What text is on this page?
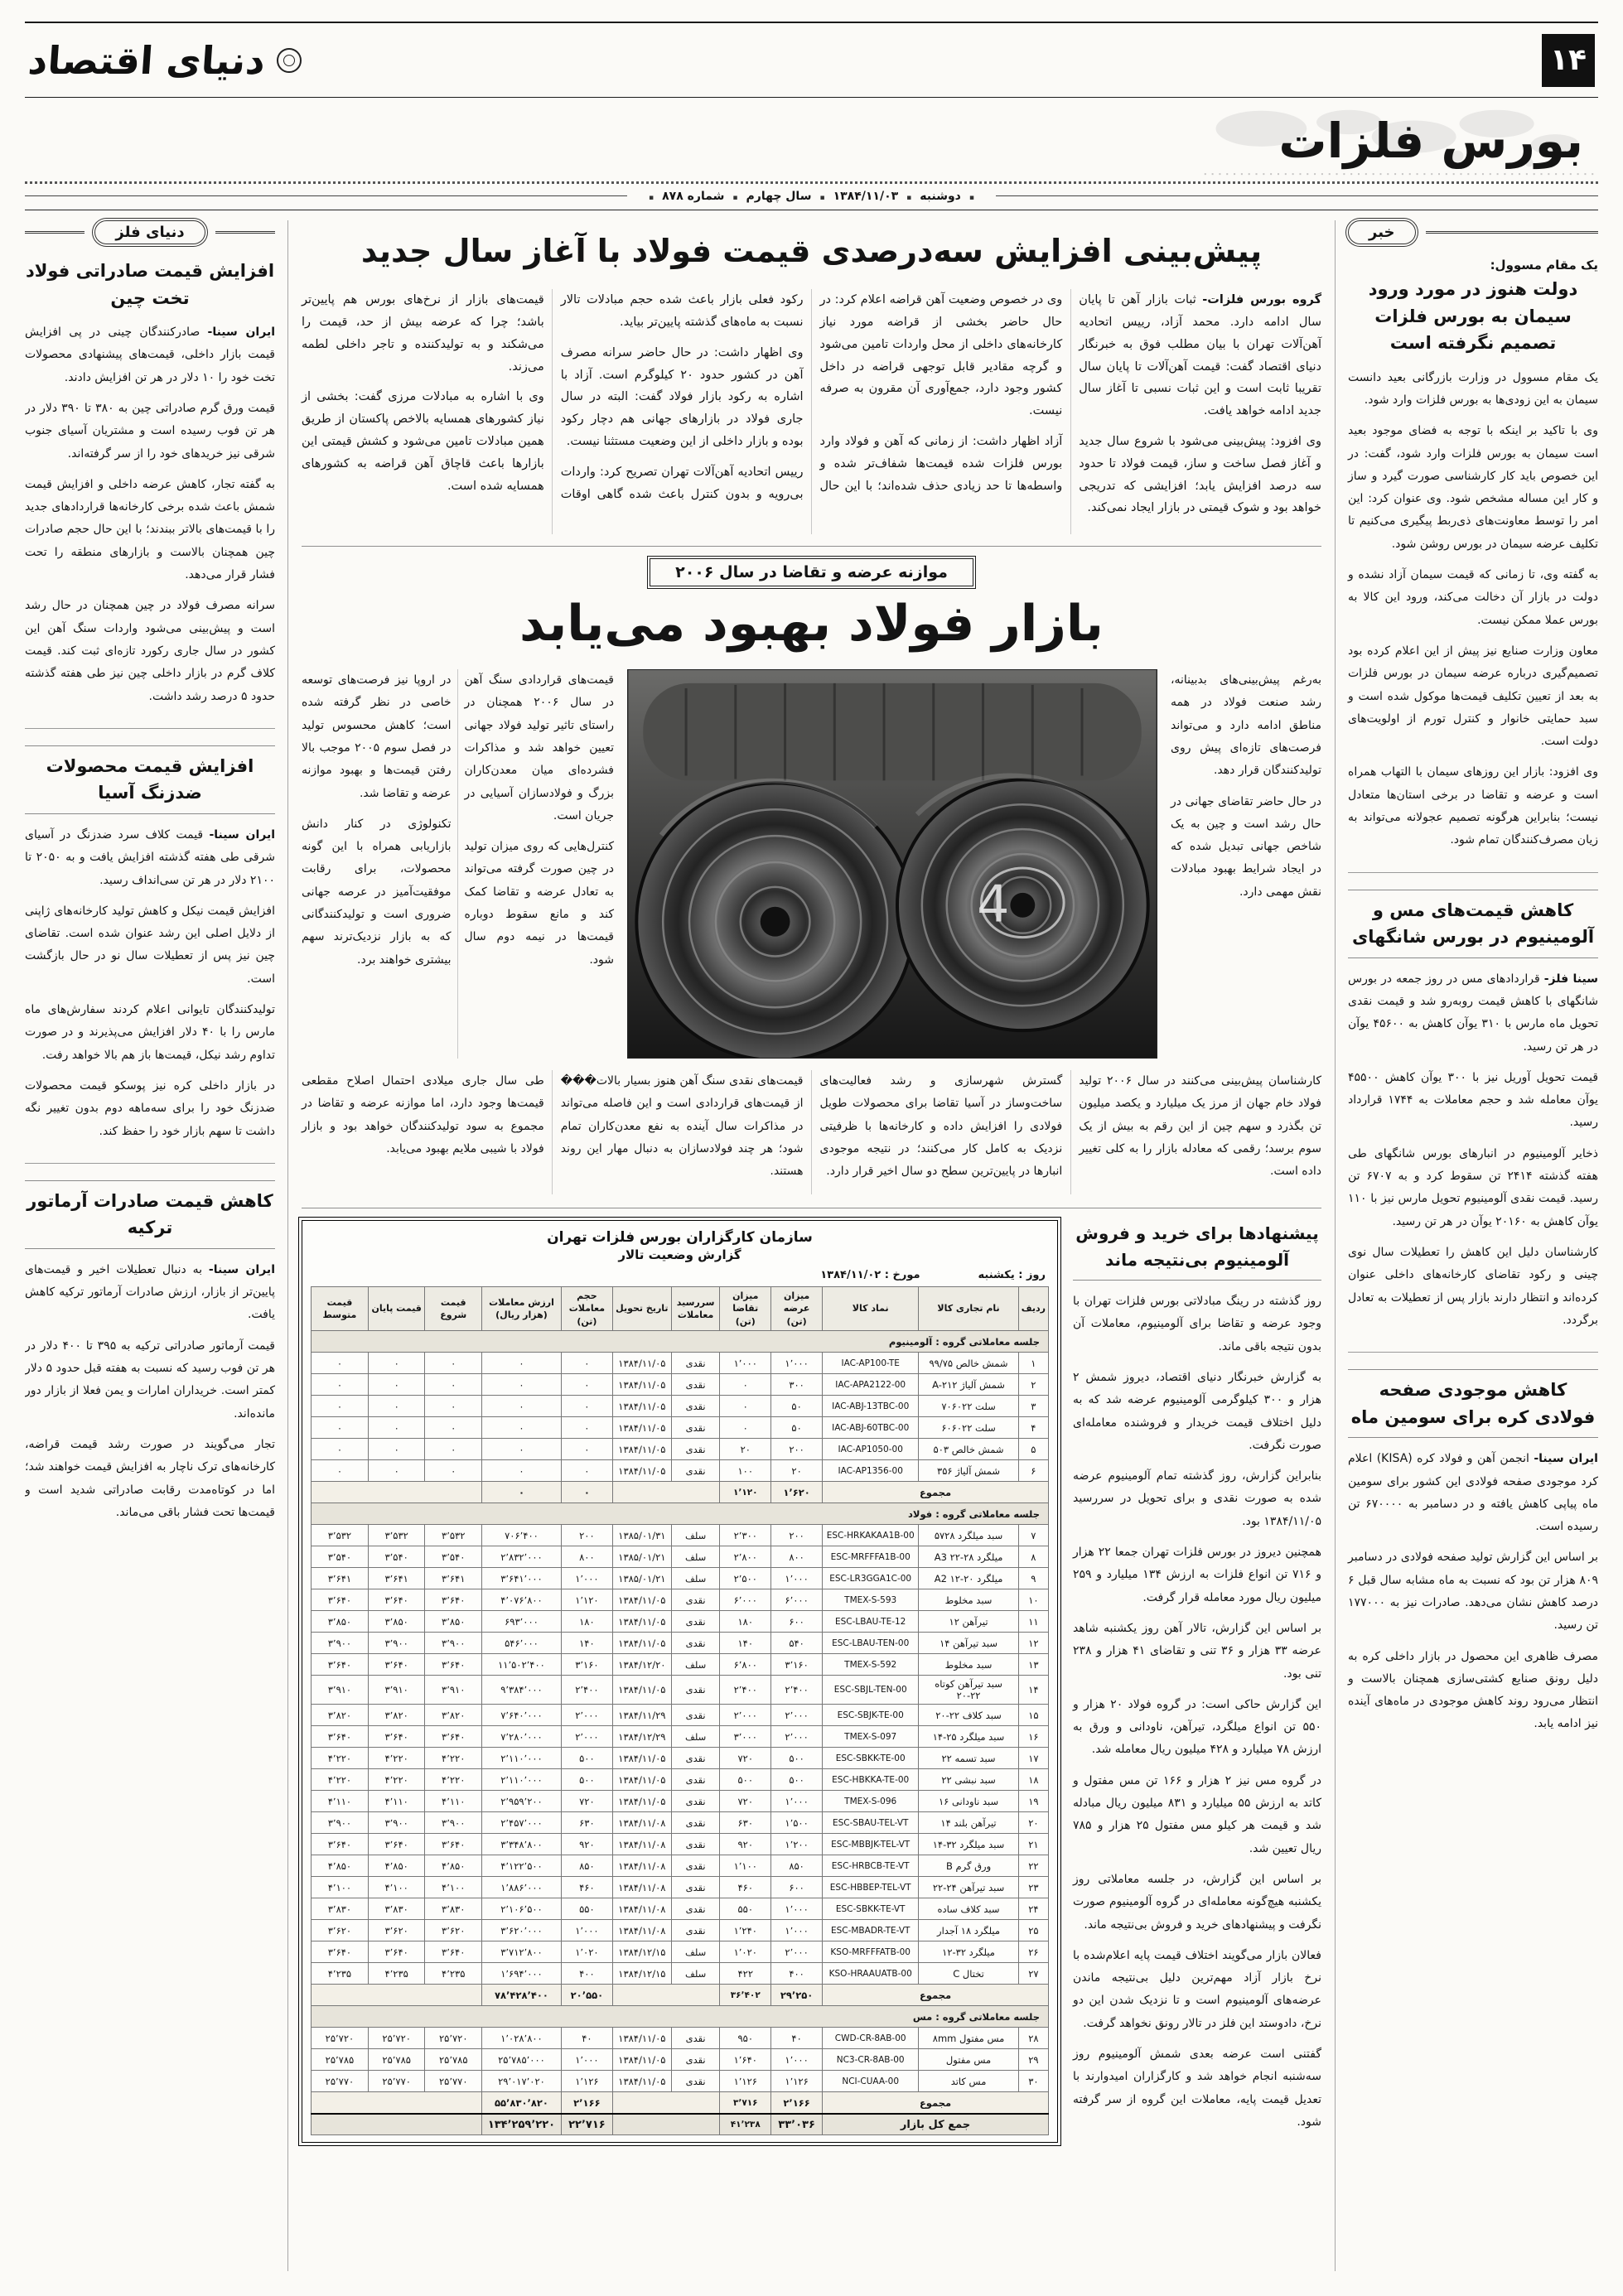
۱۴
دنیای اقتصاد
بورس فلزات
▪ دوشنبه
▪ ۱۳۸۴/۱۱/۰۳
▪ سال چهارم
▪ شماره ۸۷۸ ▪
خبر
یک مقام مسوول:
دولت هنوز در مورد ورود سیمان به بورس فلزات تصمیم نگرفته است

یک مقام مسوول در وزارت بازرگانی بعید دانست سیمان به این زودی‌ها به بورس فلزات وارد شود.

وی با تاکید بر اینکه با توجه به فضای موجود بعید است سیمان به بورس فلزات وارد شود، گفت: در این خصوص باید کار کارشناسی صورت گیرد و ساز و کار این مساله مشخص شود. وی عنوان کرد: این امر را توسط معاونت‌های ذی‌ربط پیگیری می‌کنیم تا تکلیف عرضه سیمان در بورس روشن شود.

به گفته وی، تا زمانی که قیمت سیمان آزاد نشده و دولت در بازار آن دخالت می‌کند، ورود این کالا به بورس عملا ممکن نیست.

معاون وزارت صنایع نیز پیش از این اعلام کرده بود تصمیم‌گیری درباره عرضه سیمان در بورس فلزات به بعد از تعیین تکلیف قیمت‌ها موکول شده است و سبد حمایتی خانوار و کنترل تورم از اولویت‌های دولت است.

وی افزود: بازار این روزهای سیمان با التهاب همراه است و عرضه و تقاضا در برخی استان‌ها متعادل نیست؛ بنابراین هرگونه تصمیم عجولانه می‌تواند به زیان مصرف‌کنندگان تمام شود.

کاهش قیمت‌های مس و آلومینیوم در بورس شانگهای

سینا فلز- قراردادهای مس در روز جمعه در بورس شانگهای با کاهش قیمت روبه‌رو شد و قیمت نقدی تحویل ماه مارس با ۳۱۰ یوآن کاهش به ۴۵۶۰۰ یوآن در هر تن رسید.

قیمت تحویل آوریل نیز با ۳۰۰ یوآن کاهش ۴۵۵۰۰ یوآن معامله شد و حجم معاملات به ۱۷۴۴ قرارداد رسید.

ذخایر آلومینیوم در انبارهای بورس شانگهای طی هفته گذشته ۲۴۱۴ تن سقوط کرد و به ۶۷۰۷ تن رسید. قیمت نقدی آلومینیوم تحویل مارس نیز با ۱۱۰ یوآن کاهش به ۲۰۱۶۰ یوآن در هر تن رسید.

کارشناسان دلیل این کاهش را تعطیلات سال نوی چینی و رکود تقاضای کارخانه‌های داخلی عنوان کرده‌اند و انتظار دارند بازار پس از تعطیلات به تعادل برگردد.

کاهش موجودی صفحه فولادی کره برای سومین ماه

ایران سینا- انجمن آهن و فولاد کره (KISA) اعلام کرد موجودی صفحه فولادی این کشور برای سومین ماه پیاپی کاهش یافته و در دسامبر به ۶۷۰۰۰۰ تن رسیده است.

بر اساس این گزارش تولید صفحه فولادی در دسامبر ۸۰۹ هزار تن بود که نسبت به ماه مشابه سال قبل ۶ درصد کاهش نشان می‌دهد. صادرات نیز به ۱۷۷۰۰۰ تن رسید.

مصرف ظاهری این محصول در بازار داخلی کره به دلیل رونق صنایع کشتی‌سازی همچنان بالاست و انتظار می‌رود روند کاهش موجودی در ماه‌های آینده نیز ادامه یابد.

پیش‌بینی افزایش سه‌درصدی قیمت فولاد با آغاز سال جدید

گروه بورس فلزات- ثبات بازار آهن تا پایان سال ادامه دارد. محمد آزاد، رییس اتحادیه آهن‌آلات تهران با بیان مطلب فوق به خبرنگار دنیای اقتصاد گفت: قیمت آهن‌آلات تا پایان سال تقریبا ثابت است و این ثبات نسبی تا آغاز سال جدید ادامه خواهد یافت.

وی افزود: پیش‌بینی می‌شود با شروع سال جدید و آغاز فصل ساخت و ساز، قیمت فولاد تا حدود سه درصد افزایش یابد؛ افزایشی که تدریجی خواهد بود و شوک قیمتی در بازار ایجاد نمی‌کند.

وی در خصوص وضعیت آهن قراضه اعلام کرد: در حال حاضر بخشی از قراضه مورد نیاز کارخانه‌های داخلی از محل واردات تامین می‌شود و گرچه مقادیر قابل توجهی قراضه در داخل کشور وجود دارد، جمع‌آوری آن مقرون به صرفه نیست.

آزاد اظهار داشت: از زمانی که آهن و فولاد وارد بورس فلزات شده قیمت‌ها شفاف‌تر شده و واسطه‌ها تا حد زیادی حذف شده‌اند؛ با این حال رکود فعلی بازار باعث شده حجم مبادلات تالار نسبت به ماه‌های گذشته پایین‌تر بیاید.

وی اظهار داشت: در حال حاضر سرانه مصرف آهن در کشور حدود ۲۰ کیلوگرم است. آزاد با اشاره به رکود بازار فولاد گفت: البته در سال جاری فولاد در بازارهای جهانی هم دچار رکود بوده و بازار داخلی از این وضعیت مستثنا نیست.

رییس اتحادیه آهن‌آلات تهران تصریح کرد: واردات بی‌رویه و بدون کنترل باعث شده گاهی اوقات قیمت‌های بازار از نرخ‌های بورس هم پایین‌تر باشد؛ چرا که عرضه بیش از حد، قیمت را می‌شکند و به تولیدکننده و تاجر داخلی لطمه می‌زند.

وی با اشاره به مبادلات مرزی گفت: بخشی از نیاز کشورهای همسایه بالاخص پاکستان از طریق همین مبادلات تامین می‌شود و کشش قیمتی این بازارها باعث قاچاق آهن قراضه به کشورهای همسایه شده است.

موازنه عرضه و تقاضا در سال ۲۰۰۶
بازار فولاد بهبود می‌یابد

به‌رغم پیش‌بینی‌های بدبینانه، رشد صنعت فولاد در همه مناطق ادامه دارد و می‌تواند فرصت‌های تازه‌ای پیش روی تولیدکنندگان قرار دهد.

در حال حاضر تقاضای جهانی در حال رشد است و چین به یک شاخص جهانی تبدیل شده که در ایجاد شرایط بهبود مبادلات نقش مهمی دارد.

4

قیمت‌های قراردادی سنگ آهن در سال ۲۰۰۶ همچنان در راستای تاثیر تولید فولاد جهانی تعیین خواهد شد و مذاکرات فشرده‌ای میان معدن‌کاران بزرگ و فولادسازان آسیایی در جریان است.

کنترل‌هایی که روی میزان تولید در چین صورت گرفته می‌تواند به تعادل عرضه و تقاضا کمک کند و مانع سقوط دوباره قیمت‌ها در نیمه دوم سال شود.

در اروپا نیز فرصت‌های توسعه خاصی در نظر گرفته شده است؛ کاهش محسوس تولید در فصل سوم ۲۰۰۵ موجب بالا رفتن قیمت‌ها و بهبود موازنه عرضه و تقاضا شد.

تکنولوژی در کنار دانش بازاریابی همراه با این گونه محصولات، برای رقابت موفقیت‌آمیز در عرصه جهانی ضروری است و تولیدکنندگانی که به بازار نزدیک‌ترند سهم بیشتری خواهند برد.

کارشناسان پیش‌بینی می‌کنند در سال ۲۰۰۶ تولید فولاد خام جهان از مرز یک میلیارد و یکصد میلیون تن بگذرد و سهم چین از این رقم به بیش از یک سوم برسد؛ رقمی که معادله بازار را به کلی تغییر داده است.

گسترش شهرسازی و رشد فعالیت‌های ساخت‌وساز در آسیا تقاضا برای محصولات طویل فولادی را افزایش داده و کارخانه‌ها با ظرفیتی نزدیک به کامل کار می‌کنند؛ در نتیجه موجودی انبارها در پایین‌ترین سطح دو سال اخیر قرار دارد.

قیمت‌های نقدی سنگ آهن هنوز بسیار بالات��� از قیمت‌های قراردادی است و این فاصله می‌تواند در مذاکرات سال آینده به نفع معدن‌کاران تمام شود؛ هر چند فولادسازان به دنبال مهار این روند هستند.

طی سال جاری میلادی احتمال اصلاح مقطعی قیمت‌ها وجود دارد، اما موازنه عرضه و تقاضا در مجموع به سود تولیدکنندگان خواهد بود و بازار فولاد با شیبی ملایم بهبود می‌یابد.

پیشنهادها برای خرید و فروش آلومینیوم بی‌نتیجه ماند

روز گذشته در رینگ مبادلاتی بورس فلزات تهران با وجود عرضه و تقاضا برای آلومینیوم، معاملات آن بدون نتیجه باقی ماند.

به گزارش خبرنگار دنیای اقتصاد، دیروز شمش ۲ هزار و ۳۰۰ کیلوگرمی آلومینیوم عرضه شد که به دلیل اختلاف قیمت خریدار و فروشنده معامله‌ای صورت نگرفت.

بنابراین گزارش، روز گذشته تمام آلومینیوم عرضه شده به صورت نقدی و برای تحویل در سررسید ۱۳۸۴/۱۱/۰۵ بود.

همچنین دیروز در بورس فلزات تهران جمعا ۲۲ هزار و ۷۱۶ تن انواع فلزات به ارزش ۱۳۴ میلیارد و ۲۵۹ میلیون ریال مورد معامله قرار گرفت.

بر اساس این گزارش، تالار آهن روز یکشنبه شاهد عرضه ۳۳ هزار و ۳۶ تنی و تقاضای ۴۱ هزار و ۲۳۸ تنی بود.

این گزارش حاکی است: در گروه فولاد ۲۰ هزار و ۵۵۰ تن انواع میلگرد، تیرآهن، ناودانی و ورق به ارزش ۷۸ میلیارد و ۴۲۸ میلیون ریال معامله شد.

در گروه مس نیز ۲ هزار و ۱۶۶ تن مس مفتول و کاتد به ارزش ۵۵ میلیارد و ۸۳۱ میلیون ریال مبادله شد و قیمت هر کیلو مس مفتول ۲۵ هزار و ۷۸۵ ریال تعیین شد.

بر اساس این گزارش، در جلسه معاملاتی روز یکشنبه هیچ‌گونه معامله‌ای در گروه آلومینیوم صورت نگرفت و پیشنهادهای خرید و فروش بی‌نتیجه ماند.

فعالان بازار می‌گویند اختلاف قیمت پایه اعلام‌شده با نرخ بازار آزاد مهم‌ترین دلیل بی‌نتیجه ماندن عرضه‌های آلومینیوم است و تا نزدیک شدن این دو نرخ، دادوستد این فلز در تالار رونق نخواهد گرفت.

گفتنی است عرضه بعدی شمش آلومینیوم روز سه‌شنبه انجام خواهد شد و کارگزاران امیدوارند با تعدیل قیمت پایه، معاملات این گروه از سر گرفته شود.

سازمان کارگزاران بورس فلزات تهران
گزارش وضعیت تالار
روز : یکشنبه
مورخ : ۱۳۸۴/۱۱/۰۲
ردیف	نام تجاری کالا	نماد کالا	میزان عرضه (تن)	میزان تقاضا (تن)	سررسید معاملات	تاریخ تحویل	حجم معاملات (تن)	ارزش معاملات (هزار ریال)	قیمت شروع	قیمت پایان	قیمت متوسط
جلسه معاملاتی گروه : آلومینیوم											
۱	شمش خالص ۹۹/۷۵	IAC-AP100-TE	۱٬۰۰۰	۱٬۰۰۰	نقدی	۱۳۸۴/۱۱/۰۵	۰	۰	۰	۰	۰
۲	شمش آلیاژ A-۲۱۲	IAC-APA2122-00	۳۰۰	۰	نقدی	۱۳۸۴/۱۱/۰۵	۰	۰	۰	۰	۰
۳	سلت ۷۰۶۰۲۲	IAC-ABJ-13TBC-00	۵۰	۰	نقدی	۱۳۸۴/۱۱/۰۵	۰	۰	۰	۰	۰
۴	سلت ۶۰۶۰۲۲	IAC-ABJ-60TBC-00	۵۰	۰	نقدی	۱۳۸۴/۱۱/۰۵	۰	۰	۰	۰	۰
۵	شمش خالص ۵۰۳	IAC-AP1050-00	۲۰۰	۲۰	نقدی	۱۳۸۴/۱۱/۰۵	۰	۰	۰	۰	۰
۶	شمش آلیاژ ۳۵۶	IAC-AP1356-00	۲۰	۱۰۰	نقدی	۱۳۸۴/۱۱/۰۵	۰	۰	۰	۰	۰
مجموع			۱٬۶۲۰	۱٬۱۲۰			۰	۰			
جلسه معاملاتی گروه : فولاد											
۷	سبد میلگرد ۵۷۲۸	ESC-HRKAKAA1B-00	۲۰۰	۲٬۳۰۰	سلف	۱۳۸۵/۰۱/۳۱	۲۰۰	۷۰۶٬۴۰۰	۳٬۵۳۲	۳٬۵۳۲	۳٬۵۳۲
۸	میلگرد ۲۸-۲۲ A3	ESC-MRFFFA1B-00	۸۰۰	۲٬۸۰۰	سلف	۱۳۸۵/۰۱/۲۱	۸۰۰	۲٬۸۳۲٬۰۰۰	۳٬۵۴۰	۳٬۵۴۰	۳٬۵۴۰
۹	میلگرد ۲۰-۱۲ A2	ESC-LR3GGA1C-00	۱٬۰۰۰	۲٬۵۰۰	سلف	۱۳۸۵/۰۱/۲۱	۱٬۰۰۰	۳٬۶۴۱٬۰۰۰	۳٬۶۴۱	۳٬۶۴۱	۳٬۶۴۱
۱۰	سبد مخلوط	TMEX-S-593	۶٬۰۰۰	۶٬۰۰۰	نقدی	۱۳۸۴/۱۱/۰۵	۱٬۱۲۰	۴٬۰۷۶٬۸۰۰	۳٬۶۴۰	۳٬۶۴۰	۳٬۶۴۰
۱۱	تیرآهن ۱۲	ESC-LBAU-TE-12	۶۰۰	۱۸۰	نقدی	۱۳۸۴/۱۱/۰۵	۱۸۰	۶۹۳٬۰۰۰	۳٬۸۵۰	۳٬۸۵۰	۳٬۸۵۰
۱۲	سبد تیرآهن ۱۴	ESC-LBAU-TEN-00	۵۴۰	۱۴۰	نقدی	۱۳۸۴/۱۱/۰۵	۱۴۰	۵۴۶٬۰۰۰	۳٬۹۰۰	۳٬۹۰۰	۳٬۹۰۰
۱۳	سبد مخلوط	TMEX-S-592	۳٬۱۶۰	۶٬۸۰۰	سلف	۱۳۸۴/۱۲/۲۰	۳٬۱۶۰	۱۱٬۵۰۲٬۴۰۰	۳٬۶۴۰	۳٬۶۴۰	۳٬۶۴۰
۱۴	سبد تیرآهن کوتاه ۲۲-۲۰	ESC-SBJL-TEN-00	۲٬۴۰۰	۲٬۴۰۰	نقدی	۱۳۸۴/۱۱/۰۵	۲٬۴۰۰	۹٬۳۸۴٬۰۰۰	۳٬۹۱۰	۳٬۹۱۰	۳٬۹۱۰
۱۵	سبد کلاف ۲۲-۲۰	ESC-SBJK-TE-00	۲٬۰۰۰	۲٬۰۰۰	نقدی	۱۳۸۴/۱۱/۲۹	۲٬۰۰۰	۷٬۶۴۰٬۰۰۰	۳٬۸۲۰	۳٬۸۲۰	۳٬۸۲۰
۱۶	سبد میلگرد ۲۵-۱۴	TMEX-S-097	۲٬۰۰۰	۳٬۰۰۰	سلف	۱۳۸۴/۱۲/۲۹	۲٬۰۰۰	۷٬۲۸۰٬۰۰۰	۳٬۶۴۰	۳٬۶۴۰	۳٬۶۴۰
۱۷	سبد تسمه ۲۲	ESC-SBKK-TE-00	۵۰۰	۷۲۰	نقدی	۱۳۸۴/۱۱/۰۵	۵۰۰	۲٬۱۱۰٬۰۰۰	۴٬۲۲۰	۴٬۲۲۰	۴٬۲۲۰
۱۸	سبد نبشی ۲۲	ESC-HBKKA-TE-00	۵۰۰	۵۰۰	نقدی	۱۳۸۴/۱۱/۰۵	۵۰۰	۲٬۱۱۰٬۰۰۰	۴٬۲۲۰	۴٬۲۲۰	۴٬۲۲۰
۱۹	سبد ناودانی ۱۶	TMEX-S-096	۱٬۰۰۰	۷۲۰	نقدی	۱۳۸۴/۱۱/۰۵	۷۲۰	۲٬۹۵۹٬۲۰۰	۴٬۱۱۰	۴٬۱۱۰	۴٬۱۱۰
۲۰	تیرآهن بلند ۱۴	ESC-SBAU-TEL-VT	۱٬۵۰۰	۶۳۰	نقدی	۱۳۸۴/۱۱/۰۸	۶۳۰	۲٬۴۵۷٬۰۰۰	۳٬۹۰۰	۳٬۹۰۰	۳٬۹۰۰
۲۱	سبد میلگرد ۳۲-۱۴	ESC-MBBJK-TEL-VT	۱٬۲۰۰	۹۲۰	نقدی	۱۳۸۴/۱۱/۰۸	۹۲۰	۳٬۳۴۸٬۸۰۰	۳٬۶۴۰	۳٬۶۴۰	۳٬۶۴۰
۲۲	ورق گرم B	ESC-HRBCB-TE-VT	۸۵۰	۱٬۱۰۰	نقدی	۱۳۸۴/۱۱/۰۸	۸۵۰	۴٬۱۲۲٬۵۰۰	۴٬۸۵۰	۴٬۸۵۰	۴٬۸۵۰
۲۳	سبد تیرآهن ۲۴-۲۲	ESC-HBBEP-TEL-VT	۶۰۰	۴۶۰	نقدی	۱۳۸۴/۱۱/۰۸	۴۶۰	۱٬۸۸۶٬۰۰۰	۴٬۱۰۰	۴٬۱۰۰	۴٬۱۰۰
۲۴	سبد کلاف ساده	ESC-SBKK-TE-VT	۱٬۰۰۰	۵۵۰	نقدی	۱۳۸۴/۱۱/۰۸	۵۵۰	۲٬۱۰۶٬۵۰۰	۳٬۸۳۰	۳٬۸۳۰	۳٬۸۳۰
۲۵	میلگرد ۱۸ آجدار	ESC-MBADR-TE-VT	۱٬۰۰۰	۱٬۲۴۰	نقدی	۱۳۸۴/۱۱/۰۸	۱٬۰۰۰	۳٬۶۲۰٬۰۰۰	۳٬۶۲۰	۳٬۶۲۰	۳٬۶۲۰
۲۶	میلگرد ۳۲-۱۲	KSO-MRFFFATB-00	۲٬۰۰۰	۱٬۰۲۰	سلف	۱۳۸۴/۱۲/۱۵	۱٬۰۲۰	۳٬۷۱۲٬۸۰۰	۳٬۶۴۰	۳٬۶۴۰	۳٬۶۴۰
۲۷	تختال C	KSO-HRAAUATB-00	۴۰۰	۴۲۲	سلف	۱۳۸۴/۱۲/۱۵	۴۰۰	۱٬۶۹۴٬۰۰۰	۴٬۲۳۵	۴٬۲۳۵	۴٬۲۳۵
مجموع			۲۹٬۲۵۰	۳۶٬۴۰۲			۲۰٬۵۵۰	۷۸٬۴۲۸٬۴۰۰			
جلسه معاملاتی گروه : مس											
۲۸	مس مفتول ۸mm	CWD-CR-8AB-00	۴۰	۹۵۰	نقدی	۱۳۸۴/۱۱/۰۵	۴۰	۱٬۰۲۸٬۸۰۰	۲۵٬۷۲۰	۲۵٬۷۲۰	۲۵٬۷۲۰
۲۹	مس مفتول	NC3-CR-8AB-00	۱٬۰۰۰	۱٬۶۴۰	نقدی	۱۳۸۴/۱۱/۰۵	۱٬۰۰۰	۲۵٬۷۸۵٬۰۰۰	۲۵٬۷۸۵	۲۵٬۷۸۵	۲۵٬۷۸۵
۳۰	مس کاتد	NCI-CUAA-00	۱٬۱۲۶	۱٬۱۲۶	نقدی	۱۳۸۴/۱۱/۰۵	۱٬۱۲۶	۲۹٬۰۱۷٬۰۲۰	۲۵٬۷۷۰	۲۵٬۷۷۰	۲۵٬۷۷۰
مجموع			۲٬۱۶۶	۳٬۷۱۶			۲٬۱۶۶	۵۵٬۸۳۰٬۸۲۰			
جمع کل بازار			۳۳٬۰۳۶	۴۱٬۲۳۸			۲۲٬۷۱۶	۱۳۴٬۲۵۹٬۲۲۰			
دنیای فلز
افزایش قیمت صادراتی فولاد تخت چین

ایران سینا- صادرکنندگان چینی در پی افزایش قیمت بازار داخلی، قیمت‌های پیشنهادی محصولات تخت خود را ۱۰ دلار در هر تن افزایش دادند.

قیمت ورق گرم صادراتی چین به ۳۸۰ تا ۳۹۰ دلار در هر تن فوب رسیده است و مشتریان آسیای جنوب شرقی نیز خریدهای خود را از سر گرفته‌اند.

به گفته تجار، کاهش عرضه داخلی و افزایش قیمت شمش باعث شده برخی کارخانه‌ها قراردادهای جدید را با قیمت‌های بالاتر ببندند؛ با این حال حجم صادرات چین همچنان بالاست و بازارهای منطقه را تحت فشار قرار می‌دهد.

سرانه مصرف فولاد در چین همچنان در حال رشد است و پیش‌بینی می‌شود واردات سنگ آهن این کشور در سال جاری رکورد تازه‌ای ثبت کند. قیمت کلاف گرم در بازار داخلی چین نیز طی هفته گذشته حدود ۵ درصد رشد داشت.

افزایش قیمت محصولات ضدزنگ آسیا

ایران سینا- قیمت کلاف سرد ضدزنگ در آسیای شرقی طی هفته گذشته افزایش یافت و به ۲۰۵۰ تا ۲۱۰۰ دلار در هر تن سی‌انداف رسید.

افزایش قیمت نیکل و کاهش تولید کارخانه‌های ژاپنی از دلایل اصلی این رشد عنوان شده است. تقاضای چین نیز پس از تعطیلات سال نو در حال بازگشت است.

تولیدکنندگان تایوانی اعلام کردند سفارش‌های ماه مارس را با ۴۰ دلار افزایش می‌پذیرند و در صورت تداوم رشد نیکل، قیمت‌ها باز هم بالا خواهد رفت.

در بازار داخلی کره نیز پوسکو قیمت محصولات ضدزنگ خود را برای سه‌ماهه دوم بدون تغییر نگه داشت تا سهم بازار خود را حفظ کند.

کاهش قیمت صادرات آرماتور ترکیه

ایران سینا- به دنبال تعطیلات اخیر و قیمت‌های پایین‌تر از بازار، ارزش صادرات آرماتور ترکیه کاهش یافت.

قیمت آرماتور صادراتی ترکیه به ۳۹۵ تا ۴۰۰ دلار در هر تن فوب رسید که نسبت به هفته قبل حدود ۵ دلار کمتر است. خریداران امارات و یمن فعلا از بازار دور مانده‌اند.

تجار می‌گویند در صورت رشد قیمت قراضه، کارخانه‌های ترک ناچار به افزایش قیمت خواهند شد؛ اما در کوتاه‌مدت رقابت صادراتی شدید است و قیمت‌ها تحت فشار باقی می‌ماند.
